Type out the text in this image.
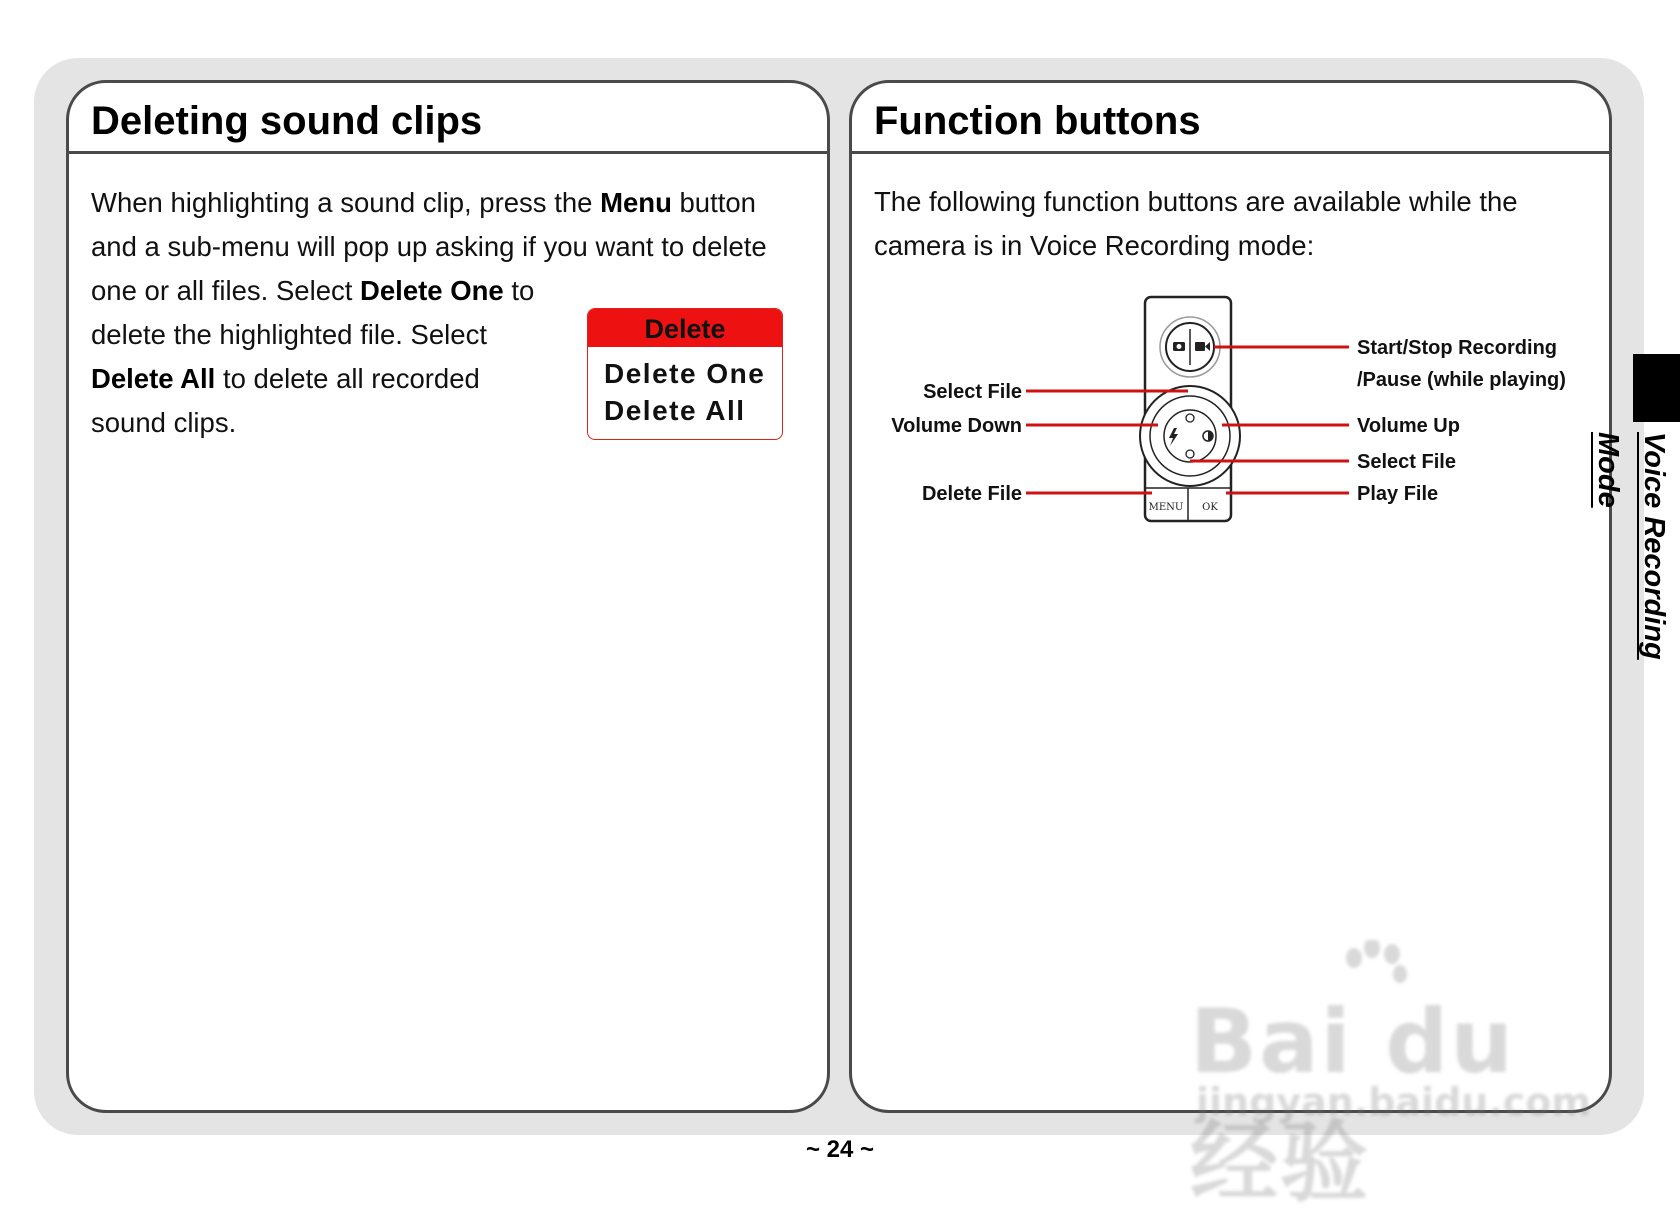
Deleting sound clips
When highlighting a sound clip, press the Menu button
and a sub-menu will pop up asking if you want to delete
one or all files. Select Delete One to
delete the highlighted file. Select
Delete All to delete all recorded
sound clips.
Delete
Delete One
Delete All
Function buttons
The following function buttons are available while the
camera is in Voice Recording mode:
MENU OK
Select File
Volume Down
Delete File
Start/Stop Recording
/Pause (while playing)
Volume Up
Select File
Play File	Voice Recording Mode
~ 24 ~
Bai du 经验
jingyan.baidu.com
